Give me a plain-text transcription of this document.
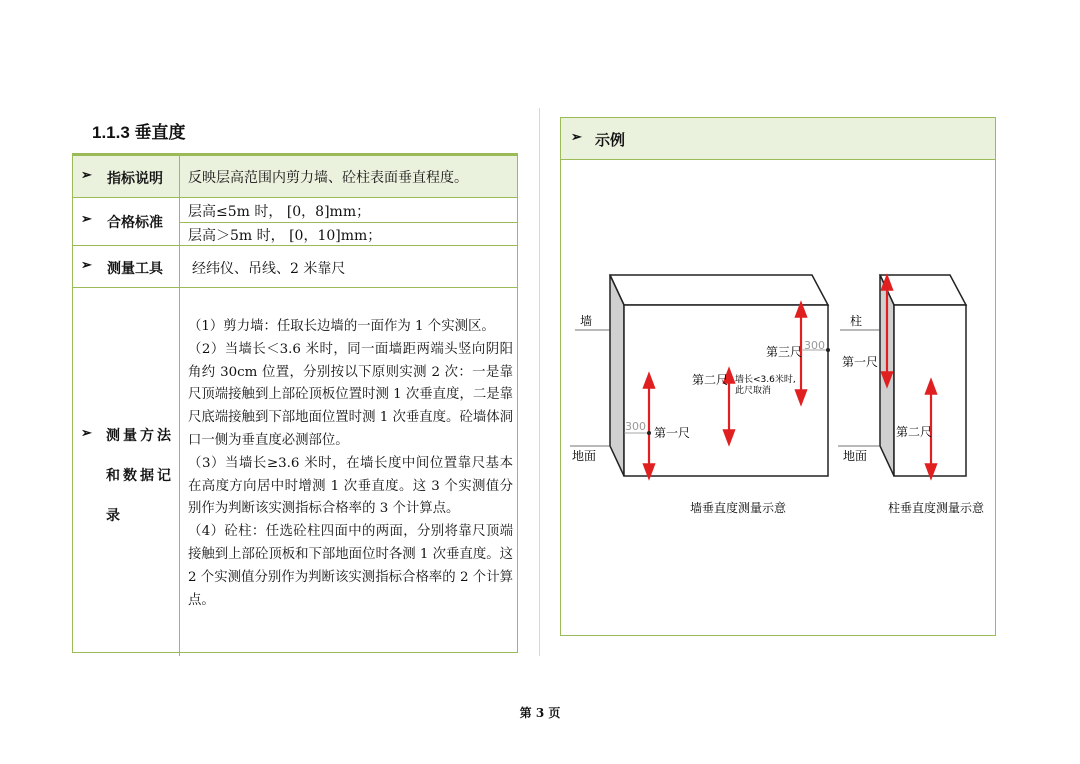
1.1.3 垂直度
➢ 指标说明 反映层高范围内剪力墙、砼柱表面垂直程度。
➢ 合格标准
层高≤5m 时， [0，8]mm；
层高＞5m 时， [0，10]mm；
➢ 测量工具 经纬仪、吊线、2 米靠尺
➢ 测量方法和数据记录

（1）剪力墙：任取长边墙的一面作为 1 个实测区。

（2）当墙长＜3.6 米时，同一面墙距两端头竖向阴阳角约 30cm 位置，分别按以下原则实测 2 次：一是靠尺顶端接触到上部砼顶板位置时测 1 次垂直度，二是靠尺底端接触到下部地面位置时测 1 次垂直度。砼墙体洞口一侧为垂直度必测部位。

（3）当墙长≥3.6 米时，在墙长度中间位置靠尺基本在高度方向居中时增测 1 次垂直度。这 3 个实测值分别作为判断该实测指标合格率的 3 个计算点。

（4）砼柱：任选砼柱四面中的两面，分别将靠尺顶端接触到上部砼顶板和下部地面位时各测 1 次垂直度。这 2 个实测值分别作为判断该实测指标合格率的 2 个计算点。

➢ 示例
墙
地面
300
300
第一尺
第二尺
第三尺
墙长<3.6米时,
此尺取消
墙垂直度测量示意
柱
地面
第一尺
第二尺
柱垂直度测量示意
第 3 页
